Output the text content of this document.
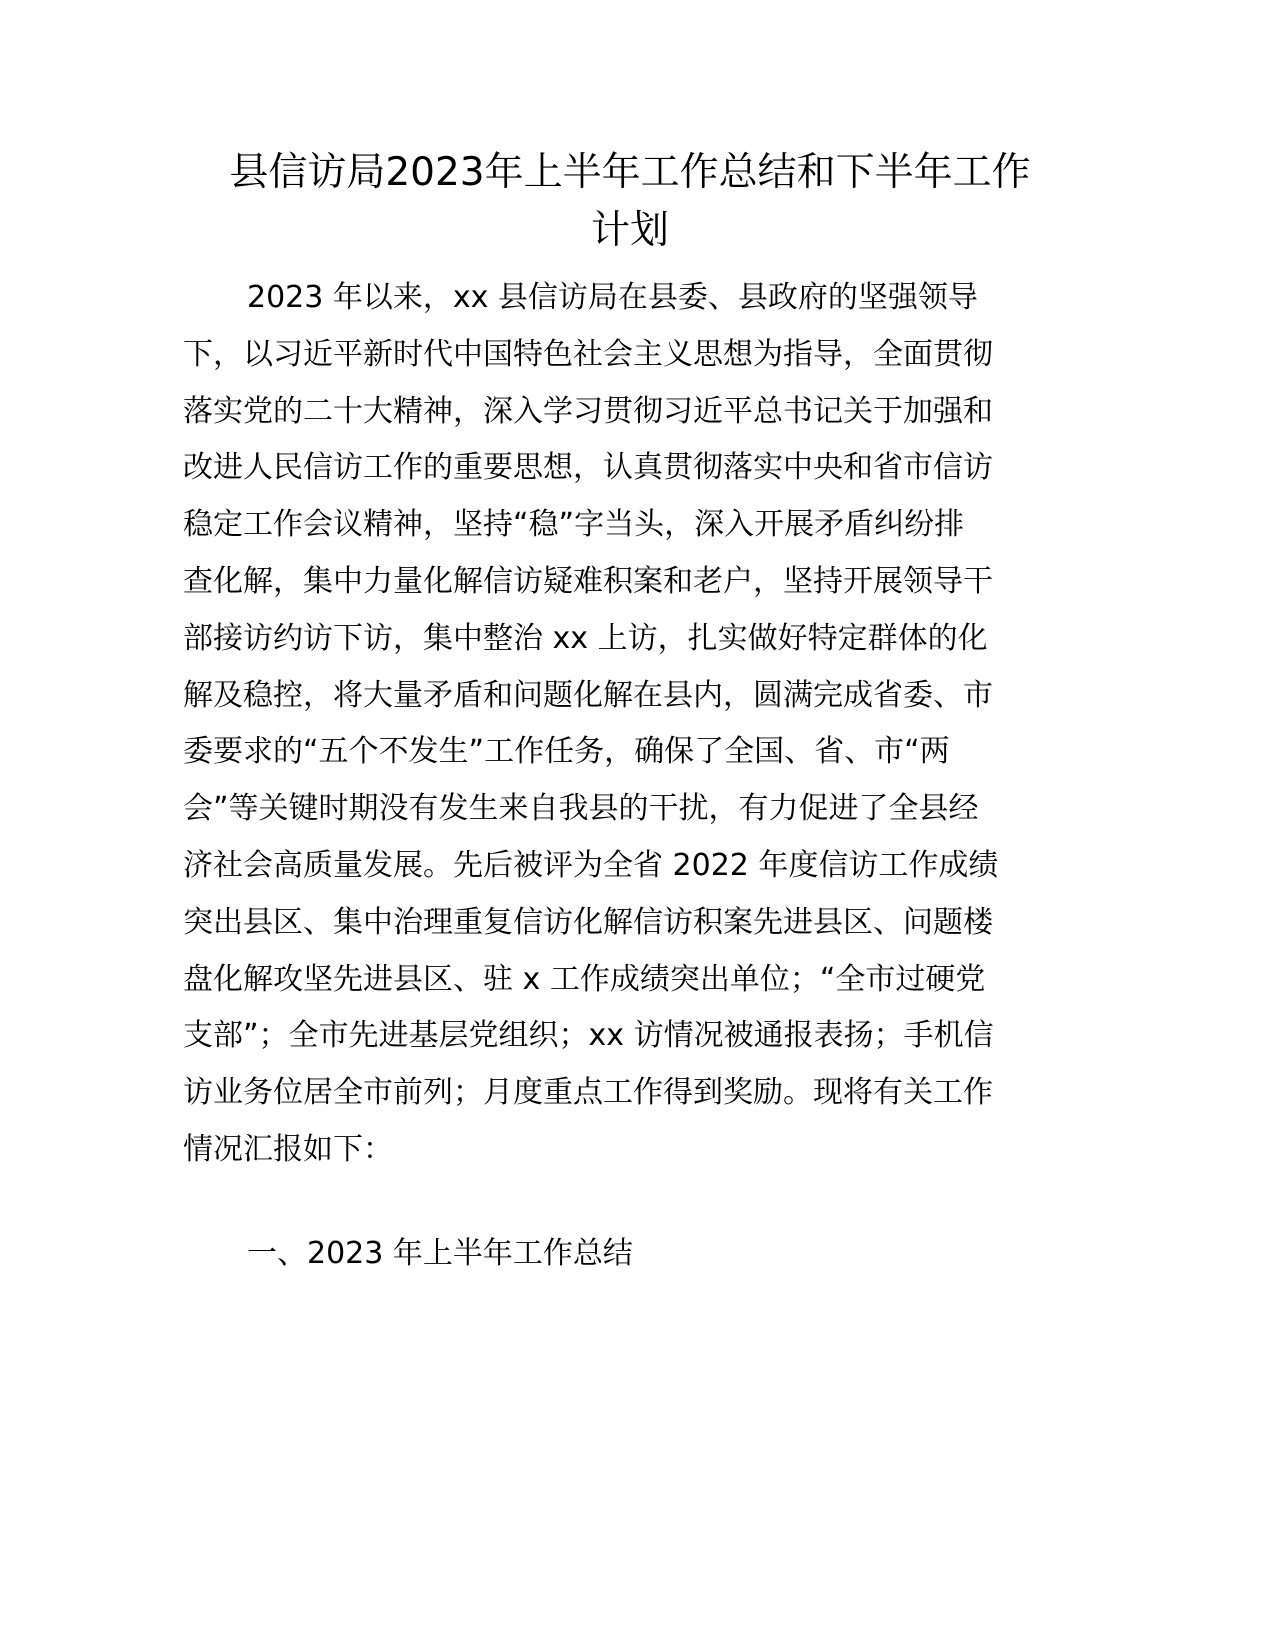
县信访局2023年上半年工作总结和下半年工作
计划
2023 年以来，xx 县信访局在县委、县政府的坚强领导
下，以习近平新时代中国特色社会主义思想为指导，全面贯彻
落实党的二十大精神，深入学习贯彻习近平总书记关于加强和
改进人民信访工作的重要思想，认真贯彻落实中央和省市信访
稳定工作会议精神，坚持“稳”字当头，深入开展矛盾纠纷排
查化解，集中力量化解信访疑难积案和老户，坚持开展领导干
部接访约访下访，集中整治 xx 上访，扎实做好特定群体的化
解及稳控，将大量矛盾和问题化解在县内，圆满完成省委、市
委要求的“五个不发生”工作任务，确保了全国、省、市“两
会”等关键时期没有发生来自我县的干扰，有力促进了全县经
济社会高质量发展。先后被评为全省 2022 年度信访工作成绩
突出县区、集中治理重复信访化解信访积案先进县区、问题楼
盘化解攻坚先进县区、驻 x 工作成绩突出单位；“全市过硬党
支部”；全市先进基层党组织；xx 访情况被通报表扬；手机信
访业务位居全市前列；月度重点工作得到奖励。现将有关工作
情况汇报如下：
一、2023 年上半年工作总结
